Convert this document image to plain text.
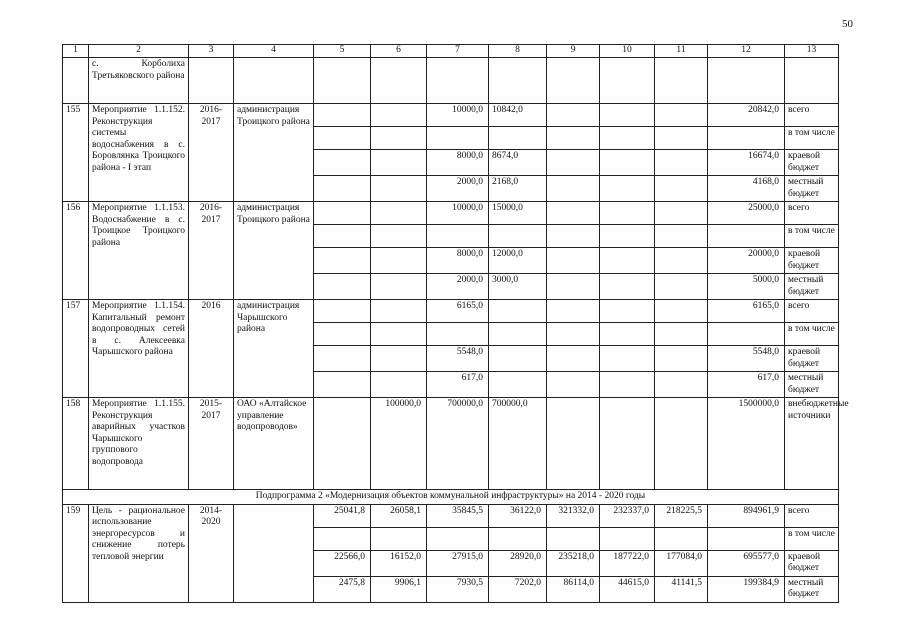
50
1	2	3	4	5	6	7	8	9	10	11	12	13
	с. Корболиха Третьяковского района											
155	Мероприятие 1.1.152. Реконструкция системы водоснабжения в с. Боровлянка Троицкого района - I этап	2016-2017	администрация Троицкого района			10000,0	10842,0				20842,0	всего
												в том числе
						8000,0	8674,0				16674,0	краевой бюджет
						2000,0	2168,0				4168,0	местный бюджет
156	Мероприятие 1.1.153. Водоснабжение в с. Троицкое Троицкого района	2016-2017	администрация Троицкого района			10000,0	15000,0				25000,0	всего
												в том числе
						8000,0	12000,0				20000,0	краевой бюджет
						2000,0	3000,0				5000,0	местный бюджет
157	Мероприятие 1.1.154. Капитальный ремонт водопроводных сетей в с. Алексеевка Чарышского района	2016	администрация Чарышского района			6165,0					6165,0	всего
												в том числе
						5548,0					5548,0	краевой бюджет
						617,0					617,0	местный бюджет
158	Мероприятие 1.1.155. Реконструкция аварийных участков Чарышского группового водопровода	2015-2017	ОАО «Алтайское управление водопроводов»		100000,0	700000,0	700000,0				1500000,0	внебюджетные источники
Подпрограмма 2 «Модернизация объектов коммунальной инфраструктуры» на 2014 - 2020 годы												
159	Цель - рациональное использование энергоресурсов и снижение потерь тепловой энергии	2014-2020		25041,8	26058,1	35845,5	36122,0	321332,0	232337,0	218225,5	894961,9	всего
												в том числе
				22566,0	16152,0	27915,0	28920,0	235218,0	187722,0	177084,0	695577,0	краевой бюджет
				2475,8	9906,1	7930,5	7202,0	86114,0	44615,0	41141,5	199384,9	местный бюджет
